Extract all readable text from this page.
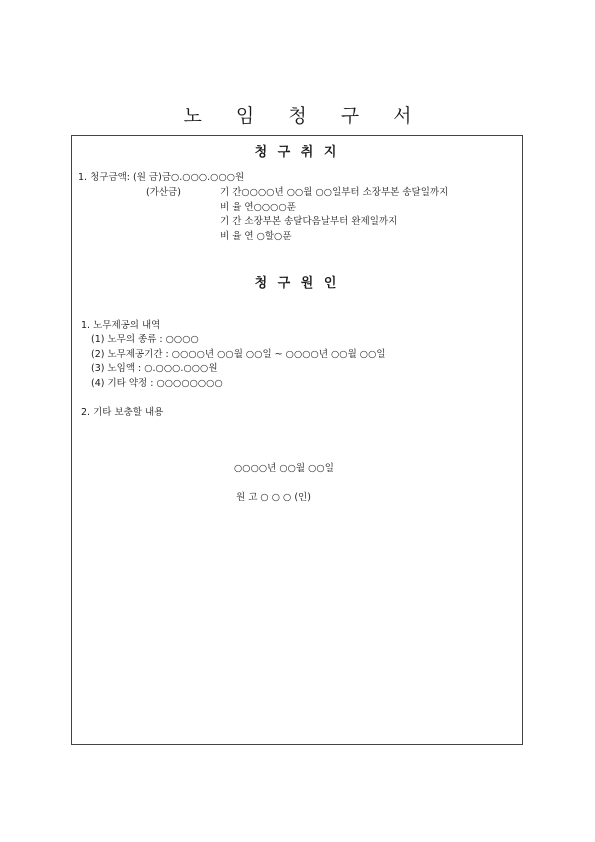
노 임 청 구 서
청 구 취 지
1. 청구금액: (원 금)금○.○○○.○○○원
(가산금)	기 간○○○○년 ○○월 ○○일부터 소장부본 송달일까지
비 율 연○○○○푼
기 간 소장부본 송달다음날부터 완제일까지
비 율 연 ○할○푼
청 구 원 인
1. 노무제공의 내역
(1) 노무의 종류 : ○○○○
(2) 노무제공기간 : ○○○○년 ○○월 ○○일 ~ ○○○○년 ○○월 ○○일
(3) 노임액 : ○.○○○.○○○원
(4) 기타 약정 : ○○○○○○○○
2. 기타 보충할 내용
○○○○년 ○○월 ○○일
원 고 ○ ○ ○ (인)
